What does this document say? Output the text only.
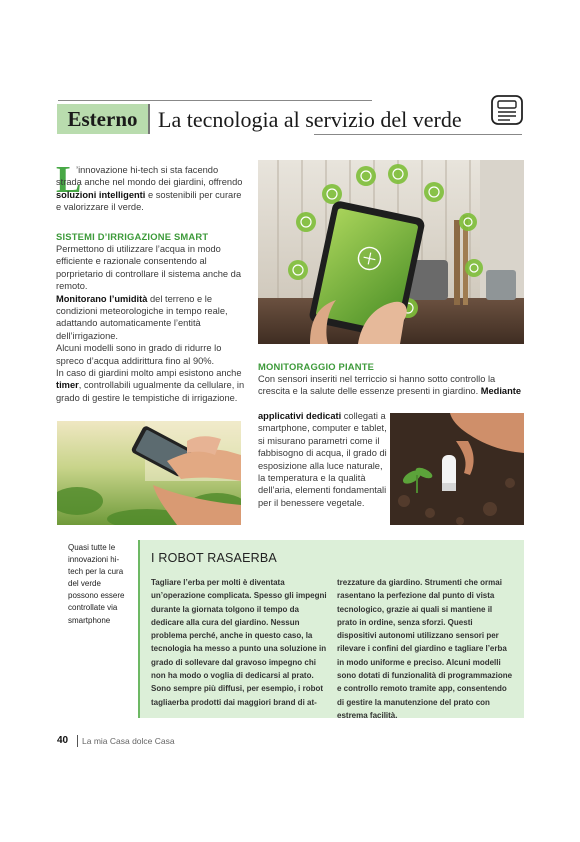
Esterno La tecnologia al servizio del verde
L
’innovazione hi-tech si sta facendo strada anche nel mondo dei giardini, offrendo soluzioni intelligenti e sostenibili per curare e valorizzare il verde.
SISTEMI D’IRRIGAZIONE SMART
Permettono di utilizzare l’acqua in modo efficiente e razionale consentendo al porprietario di controllare il sistema anche da remoto.
Monitorano l’umidità del terreno e le condizioni meteorologiche in tempo reale, adattando automaticamente l’entità dell’irrigazione.
Alcuni modelli sono in grado di ridurre lo spreco d’acqua addirittura fino al 90%.
In caso di giardini molto ampi esistono anche timer, controllabili ugualmente da cellulare, in grado di gestire le tempistiche di irrigazione.
MONITORAGGIO PIANTE
Con sensori inseriti nel terriccio si hanno sotto controllo la crescita e la salute delle essenze presenti in giardino. Mediante
applicativi dedicati collegati a smartphone, computer e tablet, si misurano parametri come il fabbisogno di acqua, il grado di esposizione alla luce naturale, la temperatura e la qualità dell’aria, elementi fondamentali per il benessere vegetale.
Quasi tutte le innovazioni hi-tech per la cura del verde possono essere controllate via smartphone
I ROBOT RASAERBA
Tagliare l’erba per molti è diventata un’operazione complicata. Spesso gli impegni durante la giornata tolgono il tempo da dedicare alla cura del giardino. Nessun problema perché, anche in questo caso, la tecnologia ha messo a punto una soluzione in grado di sollevare dal gravoso impegno chi non ha modo o voglia di dedicarsi al prato.
Sono sempre più diffusi, per esempio, i robot tagliaerba prodotti dai maggiori brand di at-
trezzature da giardino. Strumenti che ormai rasentano la perfezione dal punto di vista tecnologico, grazie ai quali si mantiene il prato in ordine, senza sforzi. Questi dispositivi autonomi utilizzano sensori per rilevare i confini del giardino e tagliare l’erba in modo uniforme e preciso. Alcuni modelli sono dotati di funzionalità di programmazione e controllo remoto tramite app, consentendo di gestire la manutenzione del prato con estrema facilità.
40 La mia Casa dolce Casa
